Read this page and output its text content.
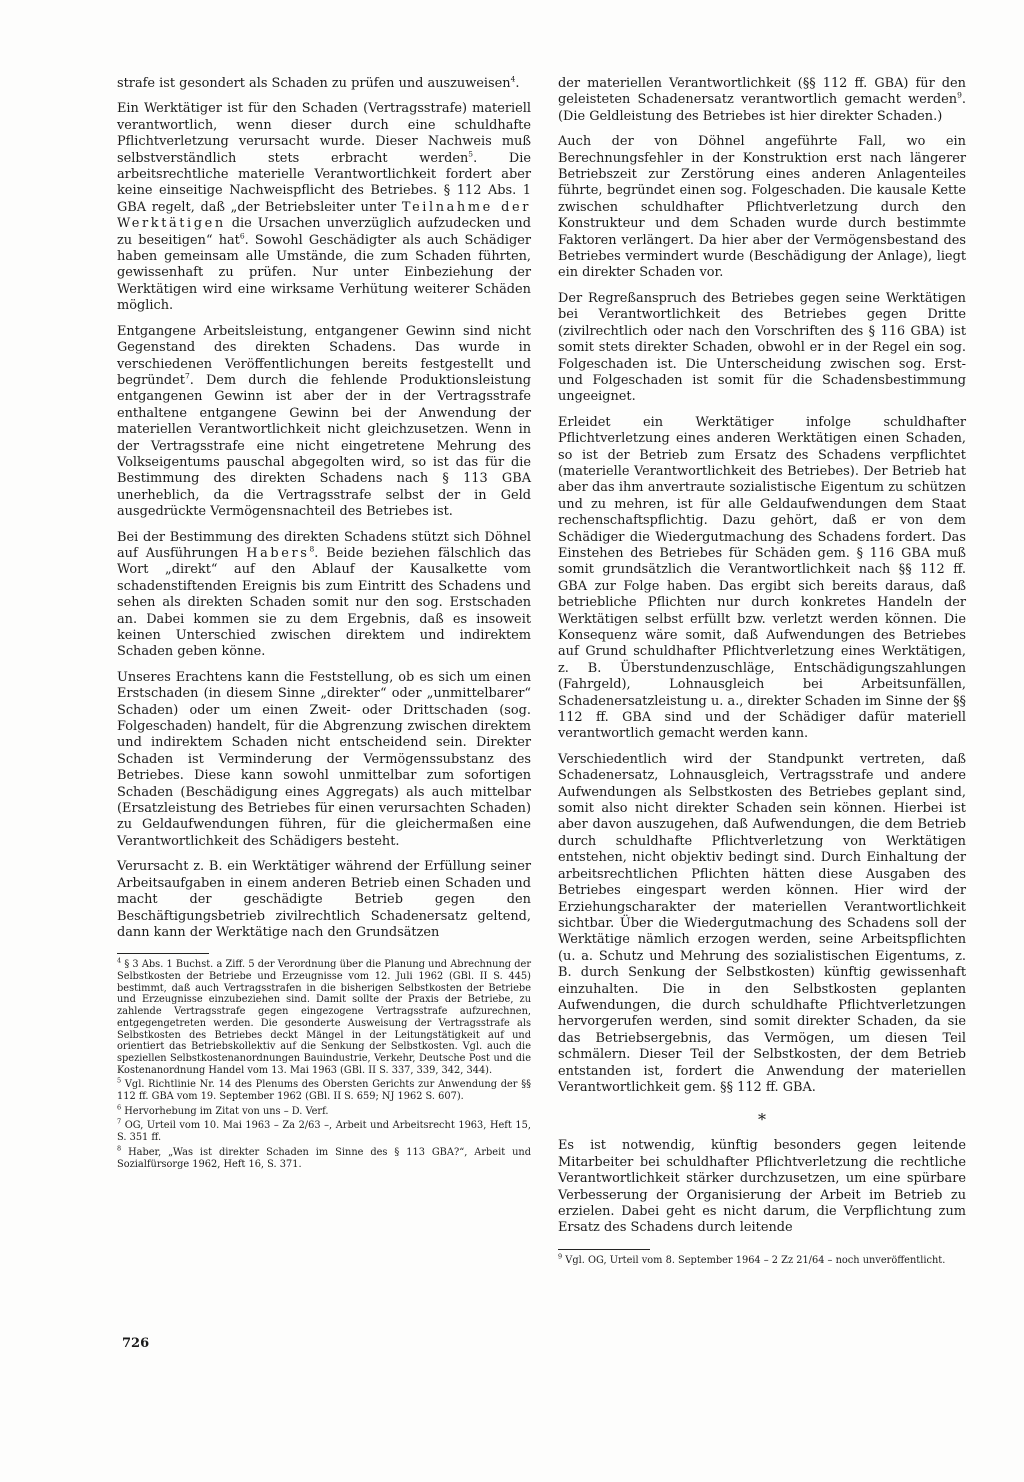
strafe ist gesondert als Schaden zu prüfen und auszuweisen$^4$.

Ein Werktätiger ist für den Schaden (Vertragsstrafe) materiell verantwortlich, wenn dieser durch eine schuldhafte Pflichtverletzung verursacht wurde. Dieser Nachweis muß selbstverständlich stets erbracht werden$^5$. Die arbeitsrechtliche materielle Verantwortlichkeit fordert aber keine einseitige Nachweispflicht des Betriebes. § 112 Abs. 1 GBA regelt, daß „der Betriebsleiter unter Teilnahme der Werktätigen die Ursachen unverzüglich aufzudecken und zu beseitigen“ hat$^6$. Sowohl Geschädigter als auch Schädiger haben gemeinsam alle Umstände, die zum Schaden führten, gewissenhaft zu prüfen. Nur unter Einbeziehung der Werktätigen wird eine wirksame Verhütung weiterer Schäden möglich.

Entgangene Arbeitsleistung, entgangener Gewinn sind nicht Gegenstand des direkten Schadens. Das wurde in verschiedenen Veröffentlichungen bereits festgestellt und begründet$^7$. Dem durch die fehlende Produktionsleistung entgangenen Gewinn ist aber der in der Vertragsstrafe enthaltene entgangene Gewinn bei der Anwendung der materiellen Verantwortlichkeit nicht gleichzusetzen. Wenn in der Vertragsstrafe eine nicht eingetretene Mehrung des Volkseigentums pauschal abgegolten wird, so ist das für die Bestimmung des direkten Schadens nach § 113 GBA unerheblich, da die Vertragsstrafe selbst der in Geld ausgedrückte Vermögensnachteil des Betriebes ist.

Bei der Bestimmung des direkten Schadens stützt sich Döhnel auf Ausführungen Habers$^8$. Beide beziehen fälschlich das Wort „direkt“ auf den Ablauf der Kausalkette vom schadenstiftenden Ereignis bis zum Eintritt des Schadens und sehen als direkten Schaden somit nur den sog. Erstschaden an. Dabei kommen sie zu dem Ergebnis, daß es insoweit keinen Unterschied zwischen direktem und indirektem Schaden geben könne.

Unseres Erachtens kann die Feststellung, ob es sich um einen Erstschaden (in diesem Sinne „direkter“ oder „unmittelbarer“ Schaden) oder um einen Zweit- oder Drittschaden (sog. Folgeschaden) handelt, für die Abgrenzung zwischen direktem und indirektem Schaden nicht entscheidend sein. Direkter Schaden ist Verminderung der Vermögenssubstanz des Betriebes. Diese kann sowohl unmittelbar zum sofortigen Schaden (Beschädigung eines Aggregats) als auch mittelbar (Ersatzleistung des Betriebes für einen verursachten Schaden) zu Geldaufwendungen führen, für die gleichermaßen eine Verantwortlichkeit des Schädigers besteht.

Verursacht z. B. ein Werktätiger während der Erfüllung seiner Arbeitsaufgaben in einem anderen Betrieb einen Schaden und macht der geschädigte Betrieb gegen den Beschäftigungsbetrieb zivilrechtlich Schadenersatz geltend, dann kann der Werktätige nach den Grundsätzen

$^4$ § 3 Abs. 1 Buchst. a Ziff. 5 der Verordnung über die Planung und Abrechnung der Selbstkosten der Betriebe und Erzeugnisse vom 12. Juli 1962 (GBl. II S. 445) bestimmt, daß auch Vertragsstrafen in die bisherigen Selbstkosten der Betriebe und Erzeugnisse einzubeziehen sind. Damit sollte der Praxis der Betriebe, zu zahlende Vertragsstrafe gegen eingezogene Vertragsstrafe aufzurechnen, entgegengetreten werden. Die gesonderte Ausweisung der Vertragsstrafe als Selbstkosten des Betriebes deckt Mängel in der Leitungstätigkeit auf und orientiert das Betriebskollektiv auf die Senkung der Selbstkosten. Vgl. auch die speziellen Selbstkostenanordnungen Bauindustrie, Verkehr, Deutsche Post und die Kostenanordnung Handel vom 13. Mai 1963 (GBl. II S. 337, 339, 342, 344).

$^5$ Vgl. Richtlinie Nr. 14 des Plenums des Obersten Gerichts zur Anwendung der §§ 112 ff. GBA vom 19. September 1962 (GBl. II S. 659; NJ 1962 S. 607).

$^6$ Hervorhebung im Zitat von uns – D. Verf.

$^7$ OG, Urteil vom 10. Mai 1963 – Za 2/63 –, Arbeit und Arbeitsrecht 1963, Heft 15, S. 351 ff.

$^8$ Haber, „Was ist direkter Schaden im Sinne des § 113 GBA?“, Arbeit und Sozialfürsorge 1962, Heft 16, S. 371.

der materiellen Verantwortlichkeit (§§ 112 ff. GBA) für den geleisteten Schadenersatz verantwortlich gemacht werden$^9$. (Die Geldleistung des Betriebes ist hier direkter Schaden.)

Auch der von Döhnel angeführte Fall, wo ein Berechnungsfehler in der Konstruktion erst nach längerer Betriebszeit zur Zerstörung eines anderen Anlagenteiles führte, begründet einen sog. Folgeschaden. Die kausale Kette zwischen schuldhafter Pflichtverletzung durch den Konstrukteur und dem Schaden wurde durch bestimmte Faktoren verlängert. Da hier aber der Vermögensbestand des Betriebes vermindert wurde (Beschädigung der Anlage), liegt ein direkter Schaden vor.

Der Regreßanspruch des Betriebes gegen seine Werktätigen bei Verantwortlichkeit des Betriebes gegen Dritte (zivilrechtlich oder nach den Vorschriften des § 116 GBA) ist somit stets direkter Schaden, obwohl er in der Regel ein sog. Folgeschaden ist. Die Unterscheidung zwischen sog. Erst- und Folgeschaden ist somit für die Schadensbestimmung ungeeignet.

Erleidet ein Werktätiger infolge schuldhafter Pflichtverletzung eines anderen Werktätigen einen Schaden, so ist der Betrieb zum Ersatz des Schadens verpflichtet (materielle Verantwortlichkeit des Betriebes). Der Betrieb hat aber das ihm anvertraute sozialistische Eigentum zu schützen und zu mehren, ist für alle Geldaufwendungen dem Staat rechenschaftspflichtig. Dazu gehört, daß er von dem Schädiger die Wiedergutmachung des Schadens fordert. Das Einstehen des Betriebes für Schäden gem. § 116 GBA muß somit grundsätzlich die Verantwortlichkeit nach §§ 112 ff. GBA zur Folge haben. Das ergibt sich bereits daraus, daß betriebliche Pflichten nur durch konkretes Handeln der Werktätigen selbst erfüllt bzw. verletzt werden können. Die Konsequenz wäre somit, daß Aufwendungen des Betriebes auf Grund schuldhafter Pflichtverletzung eines Werktätigen, z. B. Überstundenzuschläge, Entschädigungszahlungen (Fahrgeld), Lohnausgleich bei Arbeitsunfällen, Schadenersatzleistung u. a., direkter Schaden im Sinne der §§ 112 ff. GBA sind und der Schädiger dafür materiell verantwortlich gemacht werden kann.

Verschiedentlich wird der Standpunkt vertreten, daß Schadenersatz, Lohnausgleich, Vertragsstrafe und andere Aufwendungen als Selbstkosten des Betriebes geplant sind, somit also nicht direkter Schaden sein können. Hierbei ist aber davon auszugehen, daß Aufwendungen, die dem Betrieb durch schuldhafte Pflichtverletzung von Werktätigen entstehen, nicht objektiv bedingt sind. Durch Einhaltung der arbeitsrechtlichen Pflichten hätten diese Ausgaben des Betriebes eingespart werden können. Hier wird der Erziehungscharakter der materiellen Verantwortlichkeit sichtbar. Über die Wiedergutmachung des Schadens soll der Werktätige nämlich erzogen werden, seine Arbeitspflichten (u. a. Schutz und Mehrung des sozialistischen Eigentums, z. B. durch Senkung der Selbstkosten) künftig gewissenhaft einzuhalten. Die in den Selbstkosten geplanten Aufwendungen, die durch schuldhafte Pflichtverletzungen hervorgerufen werden, sind somit direkter Schaden, da sie das Betriebsergebnis, das Vermögen, um diesen Teil schmälern. Dieser Teil der Selbstkosten, der dem Betrieb entstanden ist, fordert die Anwendung der materiellen Verantwortlichkeit gem. §§ 112 ff. GBA.

*

Es ist notwendig, künftig besonders gegen leitende Mitarbeiter bei schuldhafter Pflichtverletzung die rechtliche Verantwortlichkeit stärker durchzusetzen, um eine spürbare Verbesserung der Organisierung der Arbeit im Betrieb zu erzielen. Dabei geht es nicht darum, die Verpflichtung zum Ersatz des Schadens durch leitende

$^9$ Vgl. OG, Urteil vom 8. September 1964 – 2 Zz 21/64 – noch unveröffentlicht.

726
